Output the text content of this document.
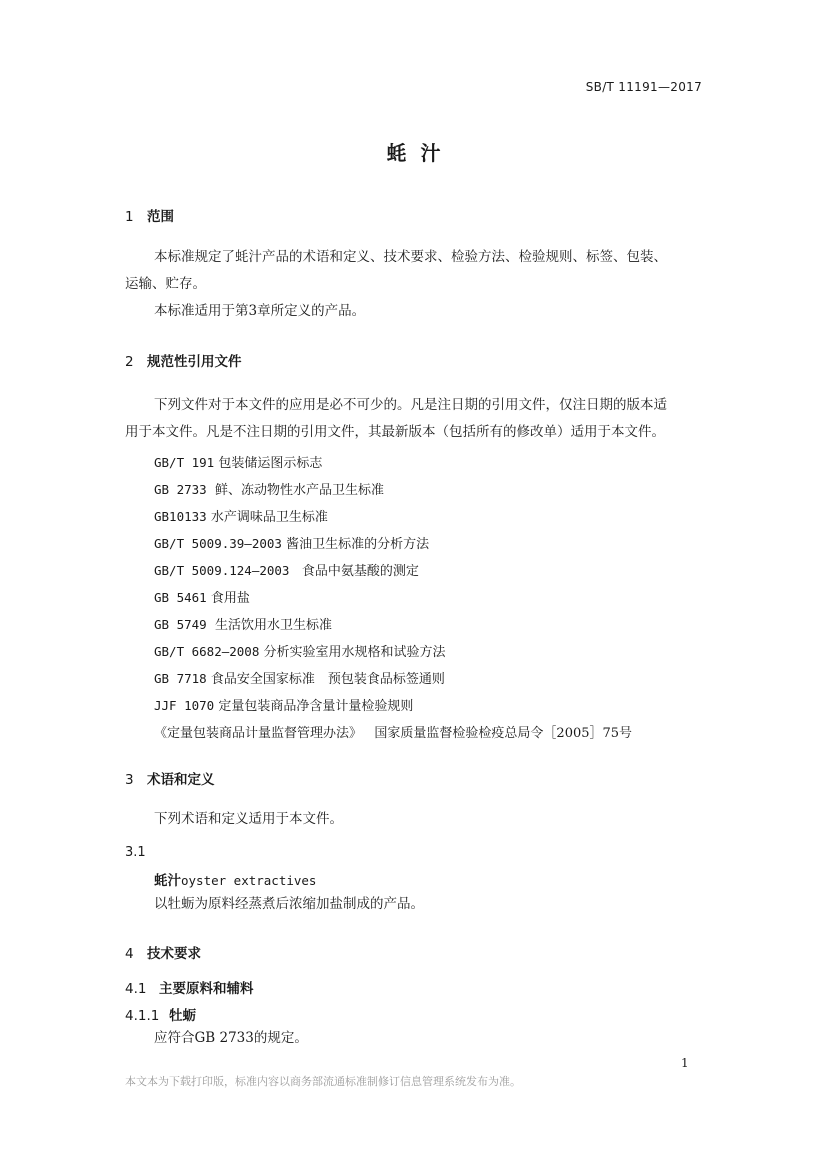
SB/T 11191—2017
蚝汁
1 范围
本标准规定了蚝汁产品的术语和定义、技术要求、检验方法、检验规则、标签、包装、
运输、贮存。
本标准适用于第3章所定义的产品。
2 规范性引用文件
下列文件对于本文件的应用是必不可少的。凡是注日期的引用文件，仅注日期的版本适
用于本文件。凡是不注日期的引用文件，其最新版本（包括所有的修改单）适用于本文件。
GB/T 191 包装储运图示标志
GB 2733 鲜、冻动物性水产品卫生标准
GB10133 水产调味品卫生标准
GB/T 5009.39—2003 酱油卫生标准的分析方法
GB/T 5009.124—2003 食品中氨基酸的测定
GB 5461 食用盐
GB 5749 生活饮用水卫生标准
GB/T 6682—2008 分析实验室用水规格和试验方法
GB 7718 食品安全国家标准　预包装食品标签通则
JJF 1070 定量包装商品净含量计量检验规则
《定量包装商品计量监督管理办法》 国家质量监督检验检疫总局令［2005］75号
3 术语和定义
下列术语和定义适用于本文件。
3.1
蚝汁oyster extractives
以牡蛎为原料经蒸煮后浓缩加盐制成的产品。
4 技术要求
4.1 主要原料和辅料
4.1.1 牡蛎
应符合GB 2733的规定。
1
本文本为下载打印版，标准内容以商务部流通标准制修订信息管理系统发布为准。
